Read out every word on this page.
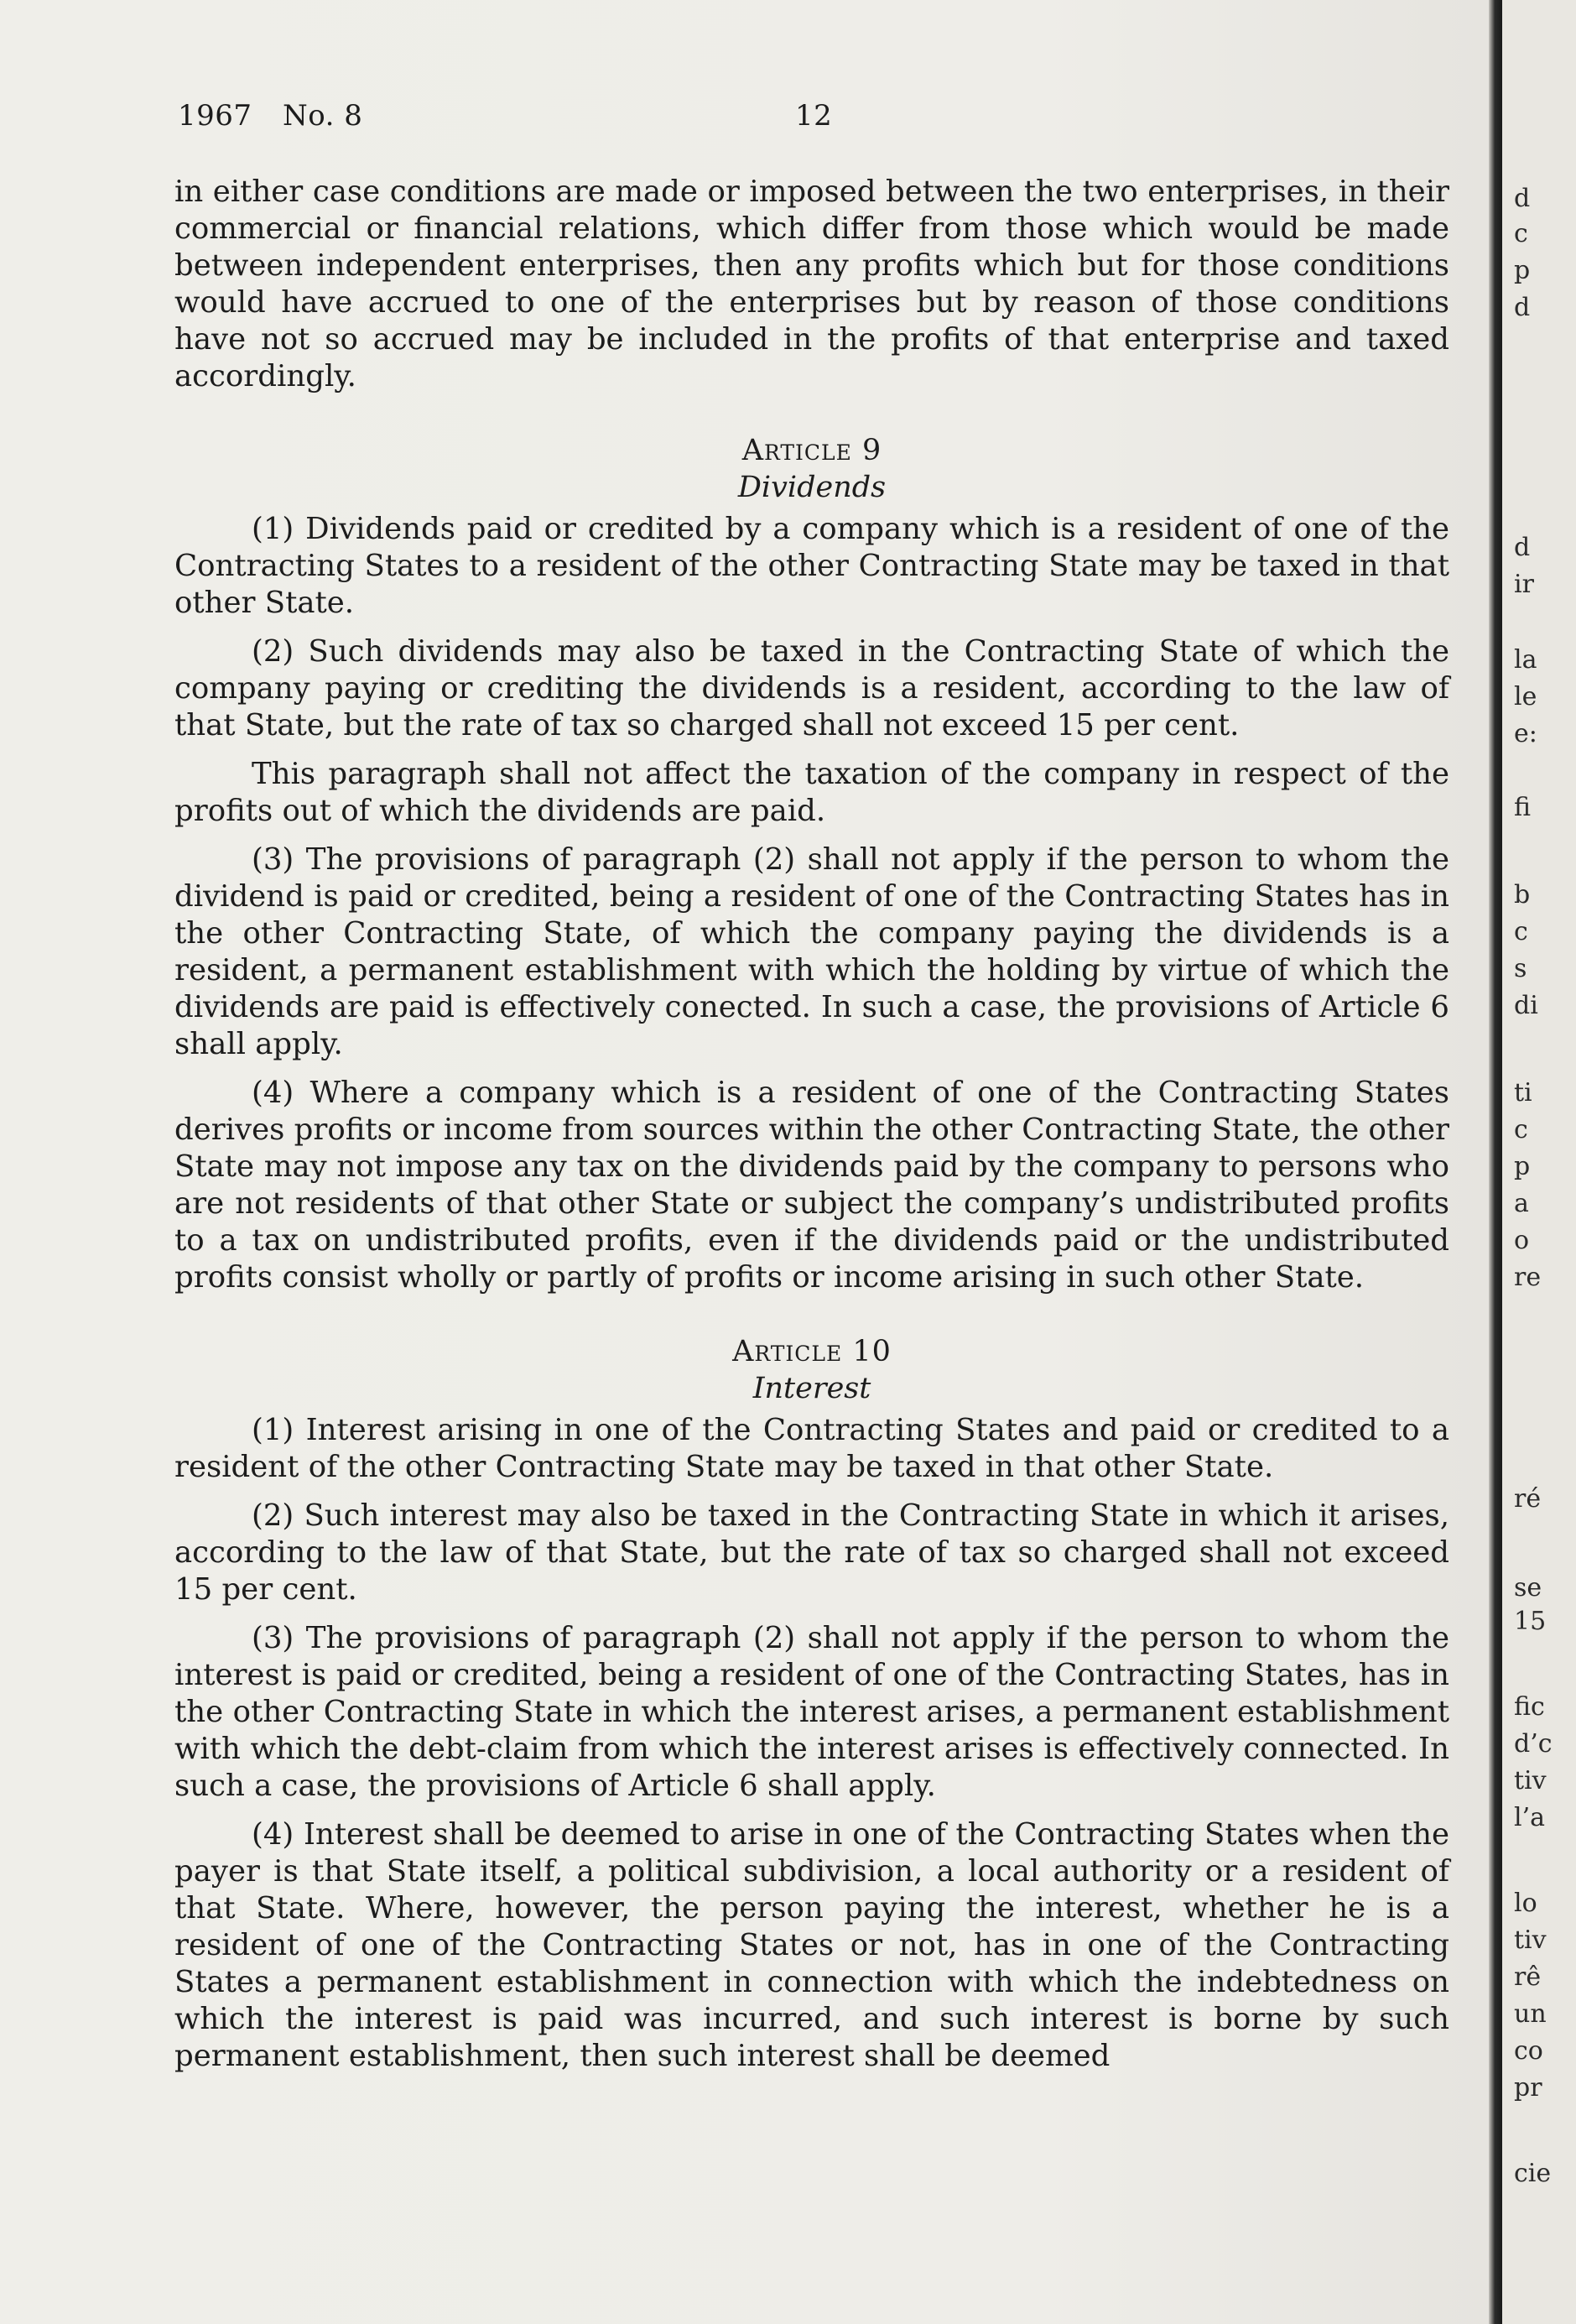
1967 No. 8	12

in either case conditions are made or imposed between the two enterprises, in their commercial or financial relations, which differ from those which would be made between independent enterprises, then any profits which but for those conditions would have accrued to one of the enterprises but by reason of those conditions have not so accrued may be included in the profits of that enterprise and taxed accordingly.

Article 9

Dividends

(1) Dividends paid or credited by a company which is a resident of one of the Contracting States to a resident of the other Contracting State may be taxed in that other State.

(2) Such dividends may also be taxed in the Contracting State of which the company paying or crediting the dividends is a resident, according to the law of that State, but the rate of tax so charged shall not exceed 15 per cent.

This paragraph shall not affect the taxation of the company in respect of the profits out of which the dividends are paid.

(3) The provisions of paragraph (2) shall not apply if the person to whom the dividend is paid or credited, being a resident of one of the Contracting States has in the other Contracting State, of which the company paying the dividends is a resident, a permanent establishment with which the holding by virtue of which the dividends are paid is effectively conected. In such a case, the provisions of Article 6 shall apply.

(4) Where a company which is a resident of one of the Contracting States derives profits or income from sources within the other Contracting State, the other State may not impose any tax on the dividends paid by the company to persons who are not residents of that other State or subject the company’s undistributed profits to a tax on undistributed profits, even if the dividends paid or the undistributed profits consist wholly or partly of profits or income arising in such other State.

Article 10

Interest

(1) Interest arising in one of the Contracting States and paid or credited to a resident of the other Contracting State may be taxed in that other State.

(2) Such interest may also be taxed in the Contracting State in which it arises, according to the law of that State, but the rate of tax so charged shall not exceed 15 per cent.

(3) The provisions of paragraph (2) shall not apply if the person to whom the interest is paid or credited, being a resident of one of the Contracting States, has in the other Contracting State in which the interest arises, a permanent establishment with which the debt-claim from which the interest arises is effectively connected. In such a case, the provisions of Article 6 shall apply.

(4) Interest shall be deemed to arise in one of the Contracting States when the payer is that State itself, a political subdivision, a local authority or a resident of that State. Where, however, the person paying the interest, whether he is a resident of one of the Contracting States or not, has in one of the Contracting States a permanent establishment in connection with which the indebtedness on which the interest is paid was incurred, and such interest is borne by such permanent establishment, then such interest shall be deemed

d
c
p
d
d
ir
la
le
e:
fi
b
c
s
di
ti
c
p
a
o
re
ré
se
15
fic
d’c
tiv
l’a
lo
tiv
rê
un
co
pr
cie
